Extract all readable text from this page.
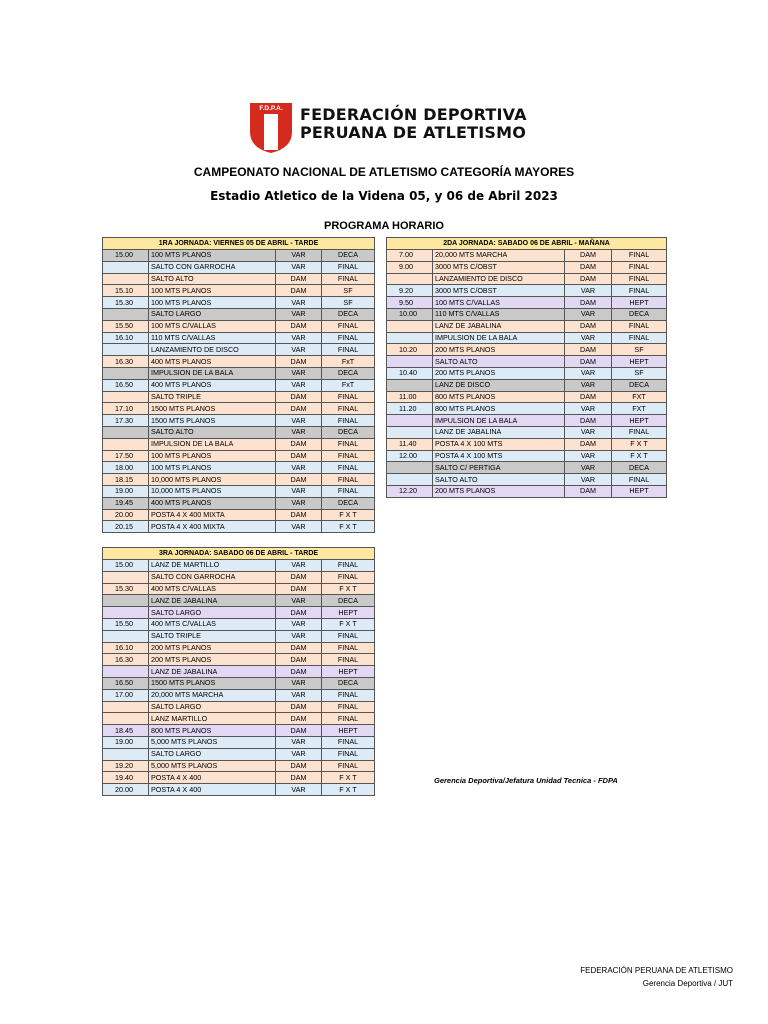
F.D.P.A. FEDERACIÓN DEPORTIVA
PERUANA DE ATLETISMO
CAMPEONATO NACIONAL DE ATLETISMO CATEGORÍA MAYORES
Estadio Atletico de la Videna 05, y 06 de Abril 2023
PROGRAMA HORARIO
1RA JORNADA: VIERNES 05 DE ABRIL - TARDE			
15.00	100 MTS PLANOS	VAR	DECA
	SALTO CON GARROCHA	VAR	FINAL
	SALTO ALTO	DAM	FINAL
15.10	100 MTS PLANOS	DAM	SF
15.30	100 MTS PLANOS	VAR	SF
	SALTO LARGO	VAR	DECA
15.50	100 MTS C/VALLAS	DAM	FINAL
16.10	110 MTS C/VALLAS	VAR	FINAL
	LANZAMIENTO DE DISCO	VAR	FINAL
16.30	400 MTS PLANOS	DAM	FxT
	IMPULSION DE LA BALA	VAR	DECA
16.50	400 MTS PLANOS	VAR	FxT
	SALTO TRIPLE	DAM	FINAL
17.10	1500 MTS PLANOS	DAM	FINAL
17.30	1500 MTS PLANOS	VAR	FINAL
	SALTO ALTO	VAR	DECA
	IMPULSION DE LA BALA	DAM	FINAL
17.50	100 MTS PLANOS	DAM	FINAL
18.00	100 MTS PLANOS	VAR	FINAL
18.15	10,000 MTS PLANOS	DAM	FINAL
19.00	10,000 MTS PLANOS	VAR	FINAL
19.45	400 MTS PLANOS	VAR	DECA
20.00	POSTA 4 X 400 MIXTA	DAM	F X T
20.15	POSTA 4 X 400 MIXTA	VAR	F X T
2DA JORNADA: SABADO 06 DE ABRIL - MAÑANA			
7.00	20,000 MTS MARCHA	DAM	FINAL
9.00	3000 MTS C/OBST	DAM	FINAL
	LANZAMIENTO DE DISCO	DAM	FINAL
9.20	3000 MTS C/OBST	VAR	FINAL
9.50	100 MTS C/VALLAS	DAM	HEPT
10.00	110 MTS C/VALLAS	VAR	DECA
	LANZ DE JABALINA	DAM	FINAL
	IMPULSION DE LA BALA	VAR	FINAL
10.20	200 MTS PLANOS	DAM	SF
	SALTO ALTO	DAM	HEPT
10.40	200 MTS PLANOS	VAR	SF
	LANZ DE DISCO	VAR	DECA
11.00	800 MTS PLANOS	DAM	FXT
11.20	800 MTS PLANOS	VAR	FXT
	IMPULSION DE LA BALA	DAM	HEPT
	LANZ DE JABALINA	VAR	FINAL
11.40	POSTA 4 X 100 MTS	DAM	F X T
12.00	POSTA 4 X 100 MTS	VAR	F X T
	SALTO C/ PERTIGA	VAR	DECA
	SALTO ALTO	VAR	FINAL
12.20	200 MTS PLANOS	DAM	HEPT
3RA JORNADA: SABADO 06 DE ABRIL - TARDE			
15.00	LANZ DE MARTILLO	VAR	FINAL
	SALTO CON GARROCHA	DAM	FINAL
15.30	400 MTS C/VALLAS	DAM	F X T
	LANZ DE JABALINA	VAR	DECA
	SALTO LARGO	DAM	HEPT
15.50	400 MTS C/VALLAS	VAR	F X T
	SALTO TRIPLE	VAR	FINAL
16.10	200 MTS PLANOS	DAM	FINAL
16.30	200 MTS PLANOS	DAM	FINAL
	LANZ DE JABALINA	DAM	HEPT
16.50	1500 MTS PLANOS	VAR	DECA
17.00	20,000 MTS MARCHA	VAR	FINAL
	SALTO LARGO	DAM	FINAL
	LANZ MARTILLO	DAM	FINAL
18.45	800 MTS PLANOS	DAM	HEPT
19.00	5,000 MTS PLANOS	VAR	FINAL
	SALTO LARGO	VAR	FINAL
19.20	5,000 MTS PLANOS	DAM	FINAL
19.40	POSTA 4 X 400	DAM	F X T
20.00	POSTA 4 X 400	VAR	F X T
Gerencia Deportiva/Jefatura Unidad Tecnica - FDPA
FEDERACIÓN PERUANA DE ATLETISMO
Gerencia Deportiva / JUT
